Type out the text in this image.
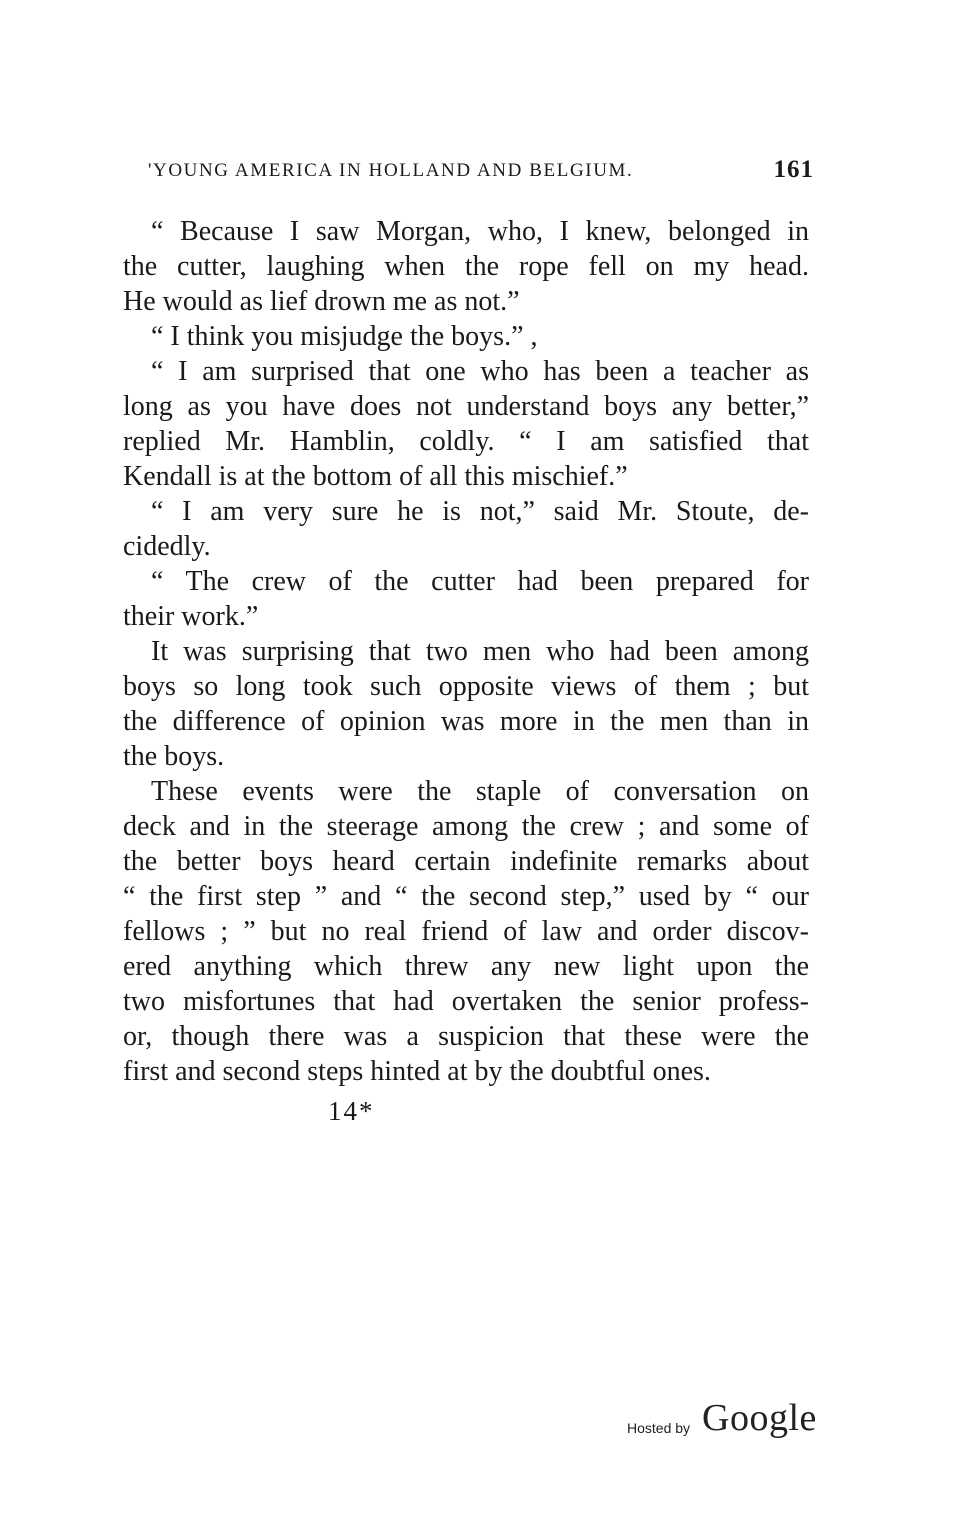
'YOUNG AMERICA IN HOLLAND AND BELGIUM.	161
“ Because I saw Morgan, who, I knew, belonged in
the cutter, laughing when the rope fell on my head.
He would as lief drown me as not.”
“ I think you misjudge the boys.” ,
“ I am surprised that one who has been a teacher as
long as you have does not understand boys any better,”
replied Mr. Hamblin, coldly. “ I am satisfied that
Kendall is at the bottom of all this mischief.”
“ I am very sure he is not,” said Mr. Stoute, de-
cidedly.
“ The crew of the cutter had been prepared for
their work.”
It was surprising that two men who had been among
boys so long took such opposite views of them ; but
the difference of opinion was more in the men than in
the boys.
These events were the staple of conversation on
deck and in the steerage among the crew ; and some of
the better boys heard certain indefinite remarks about
“ the first step ” and “ the second step,” used by “ our
fellows ; ” but no real friend of law and order discov-
ered anything which threw any new light upon the
two misfortunes that had overtaken the senior profess-
or, though there was a suspicion that these were the
first and second steps hinted at by the doubtful ones.
14*
Hosted by Google
